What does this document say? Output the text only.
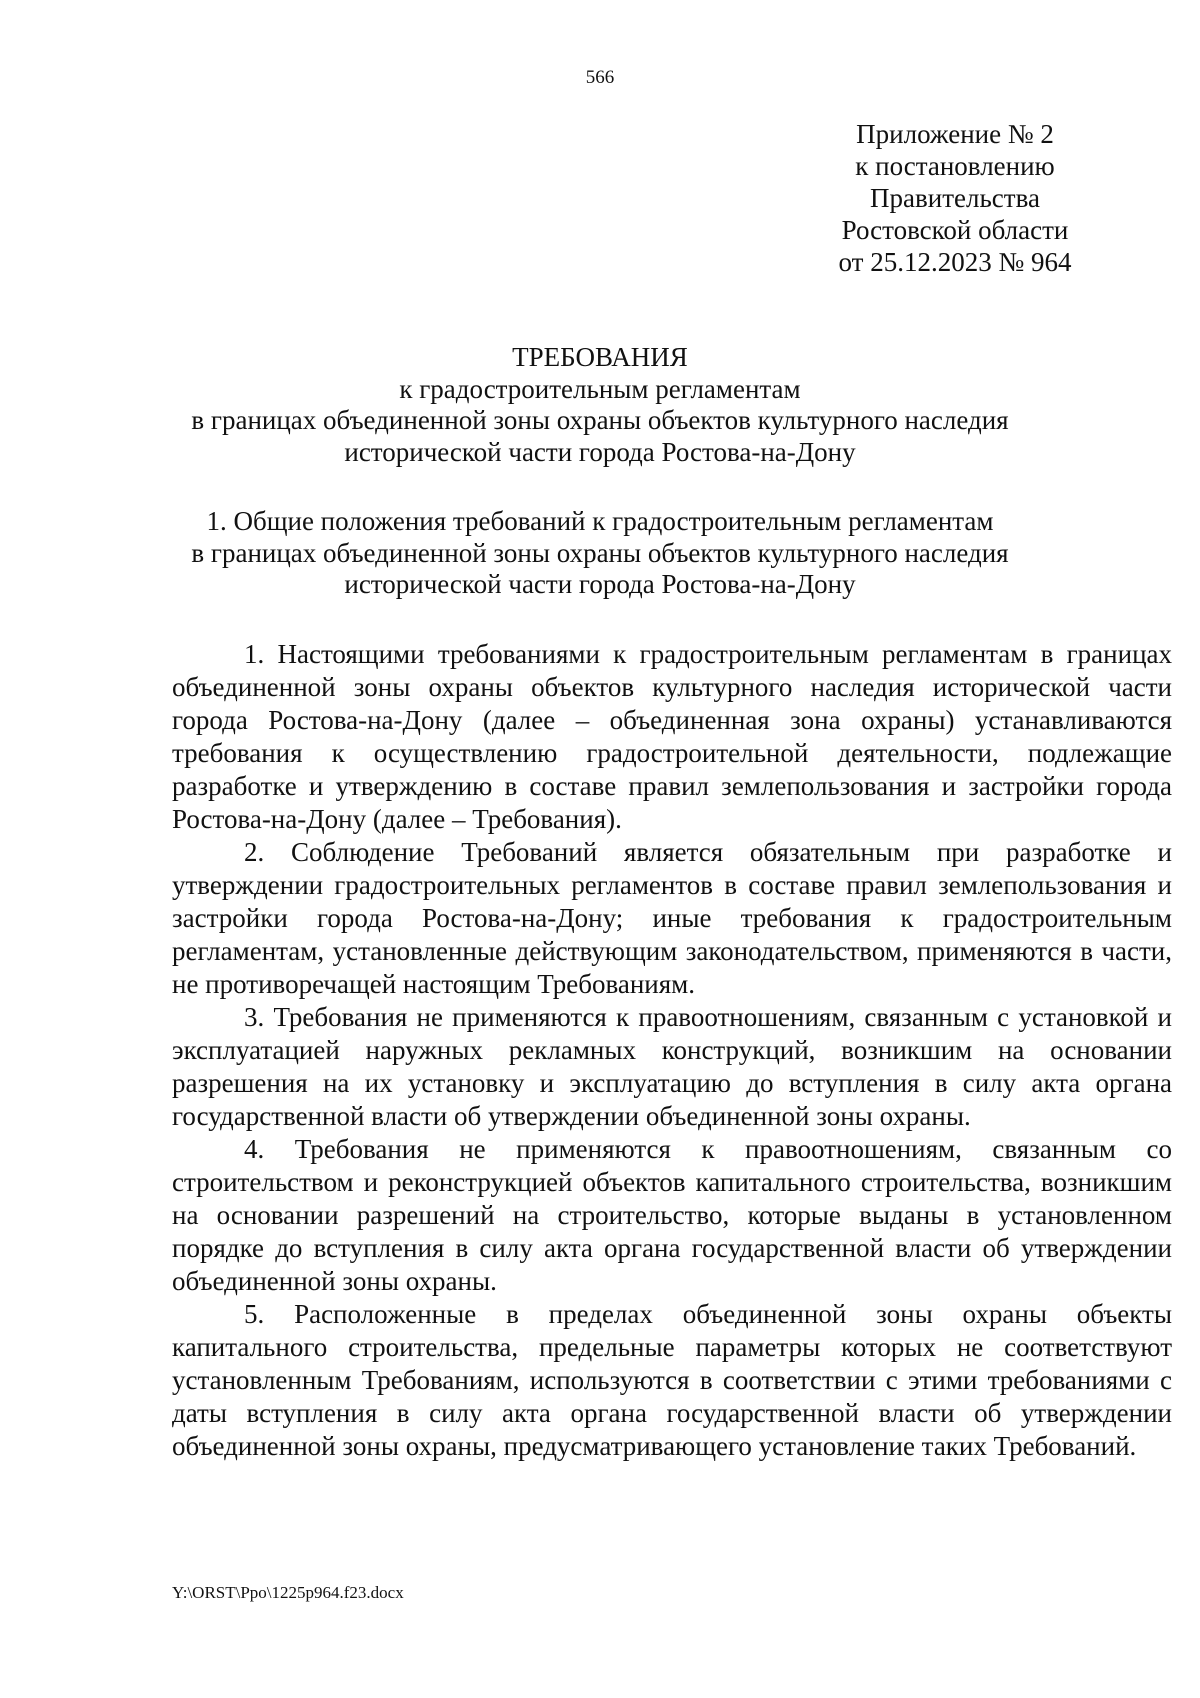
566
Приложение № 2
к постановлению
Правительства
Ростовской области
от 25.12.2023 № 964
ТРЕБОВАНИЯ
к градостроительным регламентам
в границах объединенной зоны охраны объектов культурного наследия
исторической части города Ростова-на-Дону
1. Общие положения требований к градостроительным регламентам
в границах объединенной зоны охраны объектов культурного наследия
исторической части города Ростова-на-Дону

1. Настоящими требованиями к градостроительным регламентам в границах объединенной зоны охраны объектов культурного наследия исторической части города Ростова-на-Дону (далее – объединенная зона охраны) устанавливаются требования к осуществлению градостроительной деятельности, подлежащие разработке и утверждению в составе правил землепользования и застройки города Ростова-на-Дону (далее – Требования).

2. Соблюдение Требований является обязательным при разработке и утверждении градостроительных регламентов в составе правил землепользования и застройки города Ростова-на-Дону; иные требования к градостроительным регламентам, установленные действующим законодательством, применяются в части, не противоречащей настоящим Требованиям.

3. Требования не применяются к правоотношениям, связанным с установкой и эксплуатацией наружных рекламных конструкций, возникшим на основании разрешения на их установку и эксплуатацию до вступления в силу акта органа государственной власти об утверждении объединенной зоны охраны.

4. Требования не применяются к правоотношениям, связанным со строительством и реконструкцией объектов капитального строительства, возникшим на основании разрешений на строительство, которые выданы в установленном порядке до вступления в силу акта органа государственной власти об утверждении объединенной зоны охраны.

5. Расположенные в пределах объединенной зоны охраны объекты капитального строительства, предельные параметры которых не соответствуют установленным Требованиям, используются в соответствии с этими требованиями с даты вступления в силу акта органа государственной власти об утверждении объединенной зоны охраны, предусматривающего установление таких Требований.

Y:\ORST\Ppo\1225p964.f23.docx
